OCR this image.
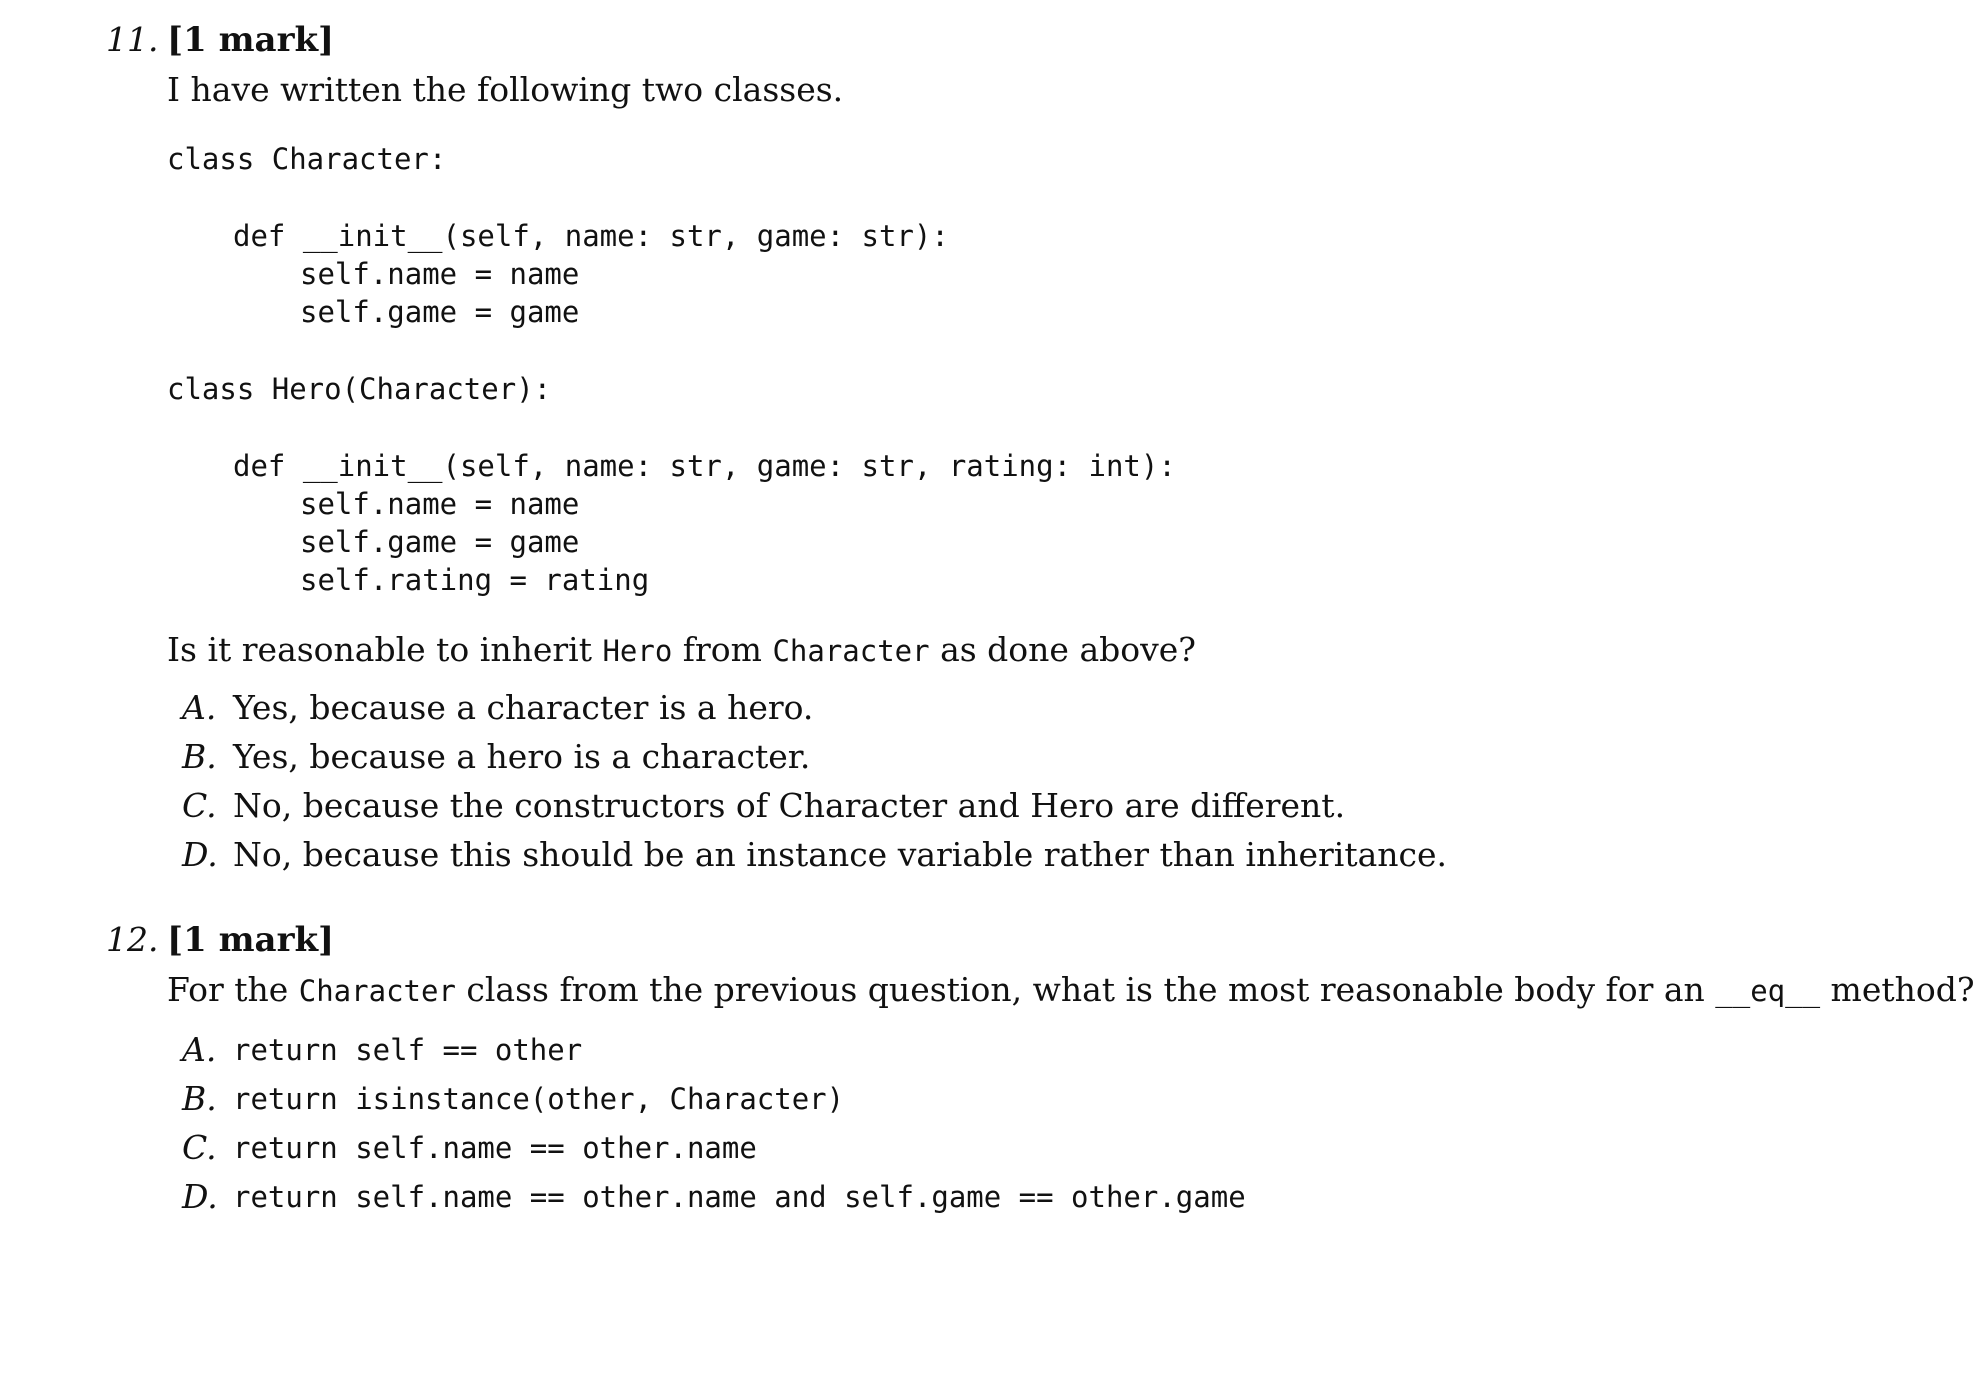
11. [1 mark]
I have written the following two classes.
class Character:
def __init__(self, name: str, game: str):
self.name = name
self.game = game
class Hero(Character):
def __init__(self, name: str, game: str, rating: int):
self.name = name
self.game = game
self.rating = rating
Is it reasonable to inherit Hero from Character as done above?
A. Yes, because a character is a hero.
B. Yes, because a hero is a character.
C. No, because the constructors of Character and Hero are different.
D. No, because this should be an instance variable rather than inheritance.
12. [1 mark]
For the Character class from the previous question, what is the most reasonable body for an __eq__ method?
A. return self == other
B. return isinstance(other, Character)
C. return self.name == other.name
D. return self.name == other.name and self.game == other.game
